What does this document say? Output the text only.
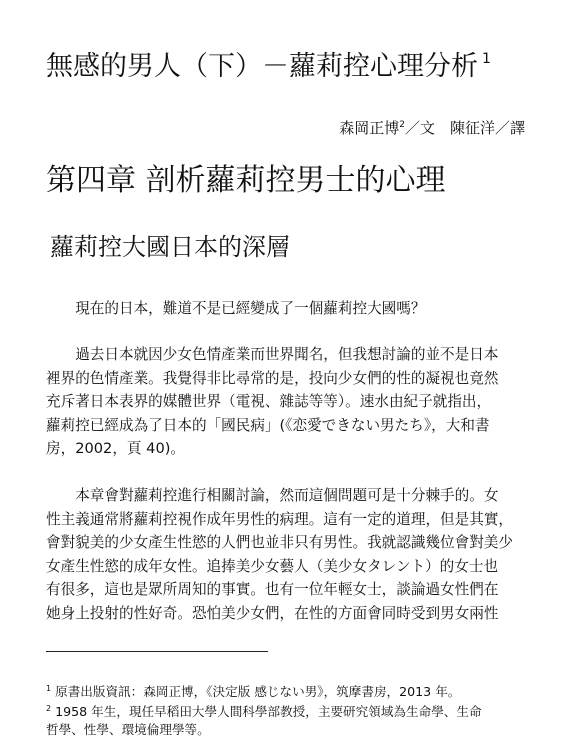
無感的男人（下）－蘿莉控心理分析 $^1$
森岡正博$^2$／文　 陳征洋／譯
第四章 剖析蘿莉控男士的心理
蘿莉控大國日本的深層

　　現在的日本，難道不是已經變成了一個蘿莉控大國嗎？

　　過去日本就因少女色情產業而世界聞名，但我想討論的並不是日本
裡界的色情產業。我覺得非比尋常的是，投向少女們的性的凝視也竟然
充斥著日本表界的媒體世界（電視、雜誌等等）。速水由紀子就指出，
蘿莉控已經成為了日本的「國民病」(《恋愛できない男たち》，大和書
房，2002，頁 40)。

　　本章會對蘿莉控進行相關討論，然而這個問題可是十分棘手的。女
性主義通常將蘿莉控視作成年男性的病理。這有一定的道理，但是其實，
會對貌美的少女產生性慾的人們也並非只有男性。我就認識幾位會對美少
女產生性慾的成年女性。追捧美少女藝人（美少女タレント）的女士也
有很多，這也是眾所周知的事實。也有一位年輕女士，談論過女性們在
她身上投射的性好奇。恐怕美少女們，在性的方面會同時受到男女兩性

$^1$ 原書出版資訊：森岡正博，《決定版 感じない男》，筑摩書房，2013 年。

$^2$ 1958 年生，現任早稻田大學人間科學部教授，主要研究領域為生命學、生命
哲學、性學、環境倫理學等。
